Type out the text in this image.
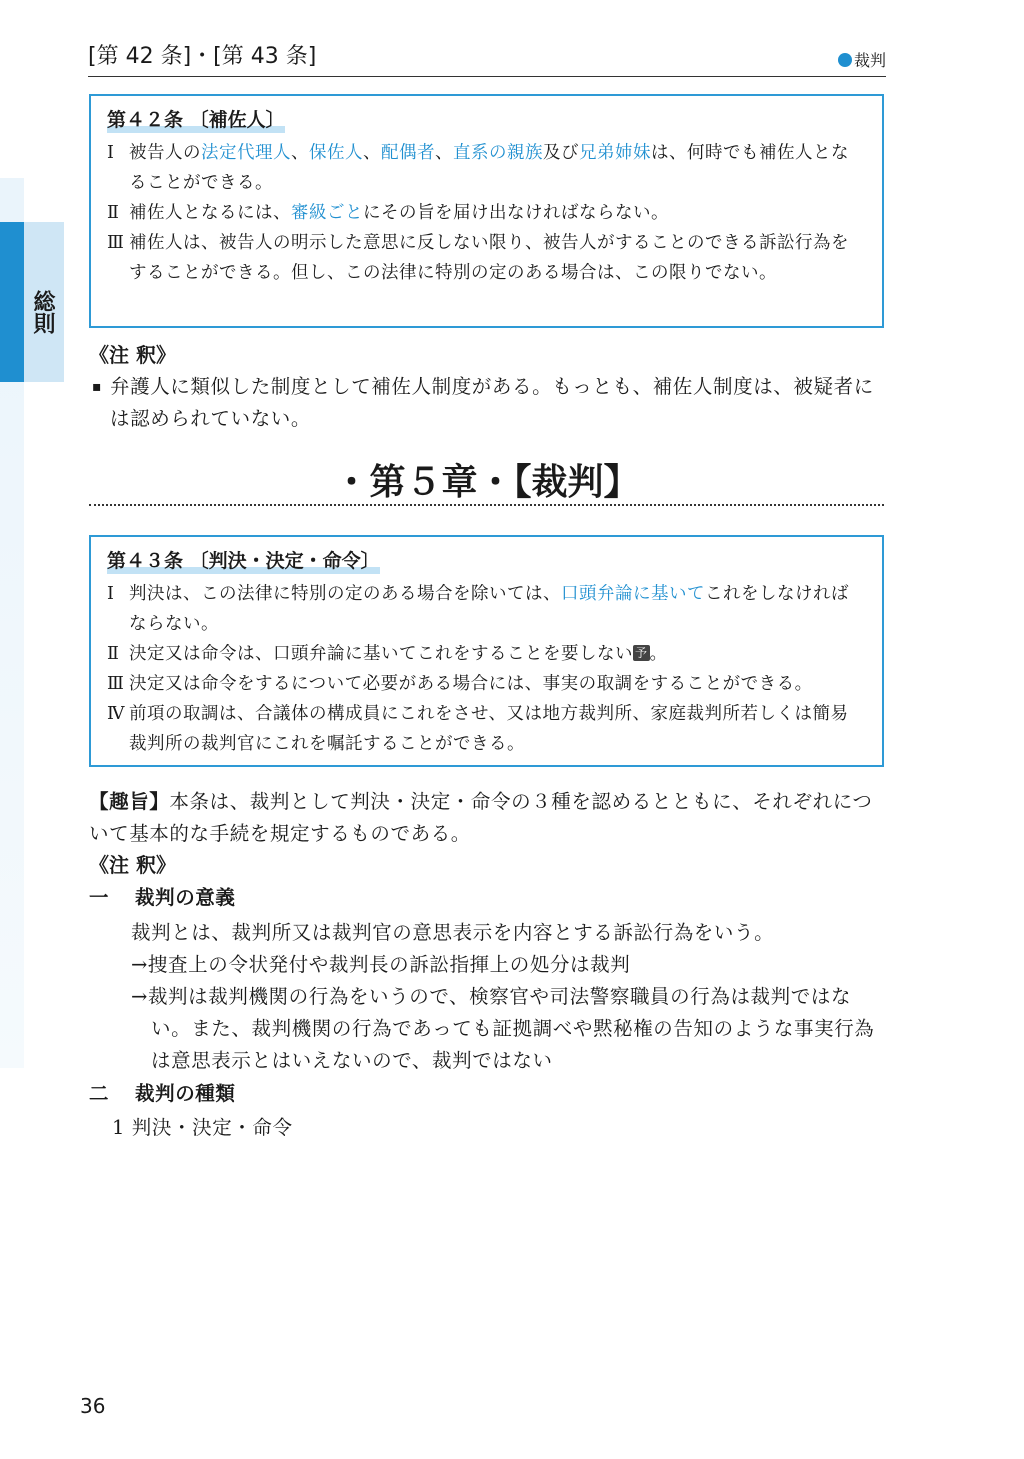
総則
[第 42 条]・[第 43 条]	裁判
第４２条 〔補佐人〕
Ⅰ 被告人の法定代理人、保佐人、配偶者、直系の親族及び兄弟姉妹は、何時でも補佐人となることができる。
Ⅱ 補佐人となるには、審級ごとにその旨を届け出なければならない。
Ⅲ 補佐人は、被告人の明示した意思に反しない限り、被告人がすることのできる訴訟行為をすることができる。但し、この法律に特別の定のある場合は、この限りでない。
《注 釈》
▪ 弁護人に類似した制度として補佐人制度がある。もっとも、補佐人制度は、被疑者には認められていない。
・第５章・【裁判】
第４３条 〔判決・決定・命令〕
Ⅰ 判決は、この法律に特別の定のある場合を除いては、口頭弁論に基いてこれをしなければならない。
Ⅱ 決定又は命令は、口頭弁論に基いてこれをすることを要しない 予 。
Ⅲ 決定又は命令をするについて必要がある場合には、事実の取調をすることができる。
Ⅳ 前項の取調は、合議体の構成員にこれをさせ、又は地方裁判所、家庭裁判所若しくは簡易裁判所の裁判官にこれを嘱託することができる。
【趣旨】本条は、裁判として判決・決定・命令の３種を認めるとともに、それぞれについて基本的な手続を規定するものである。
《注 釈》
一 裁判の意義
裁判とは、裁判所又は裁判官の意思表示を内容とする訴訟行為をいう。
→捜査上の令状発付や裁判長の訴訟指揮上の処分は裁判
→裁判は裁判機関の行為をいうので、検察官や司法警察職員の行為は裁判ではない。また、裁判機関の行為であっても証拠調べや黙秘権の告知のような事実行為は意思表示とはいえないので、裁判ではない
二 裁判の種類
1 判決・決定・命令
36
